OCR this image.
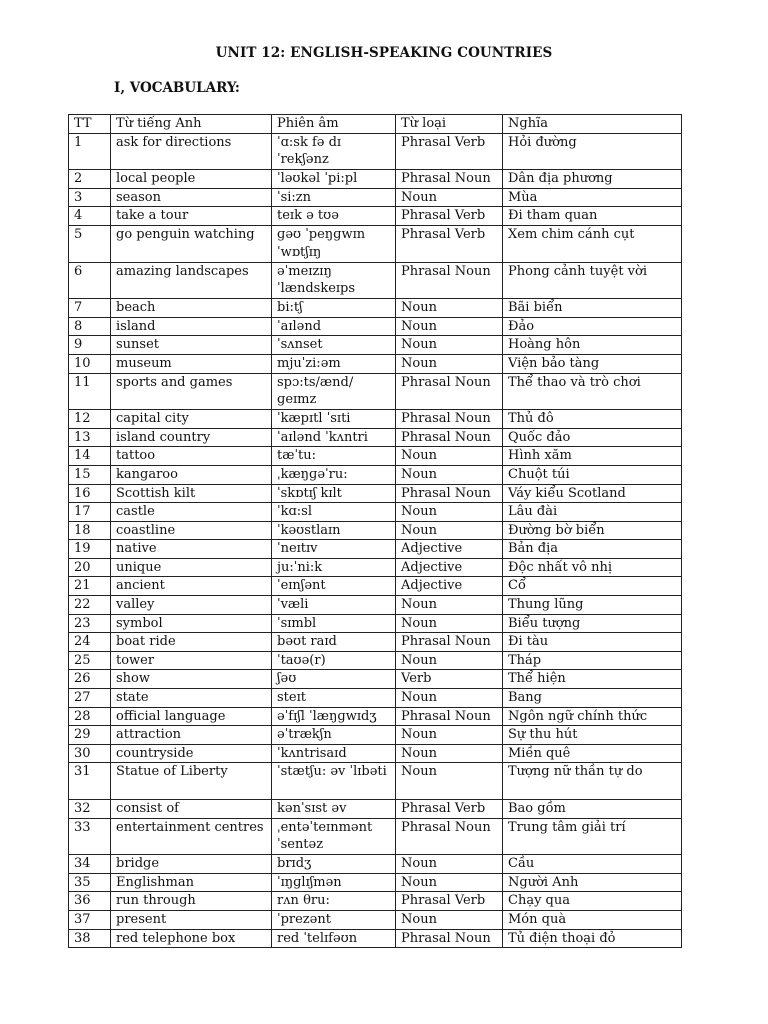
UNIT 12: ENGLISH-SPEAKING COUNTRIES
I, VOCABULARY:
TT	Từ tiếng Anh	Phiên âm	Từ loại	Nghĩa
1	ask for directions	ˈɑ:sk fə dɪ ˈrekʃənz	Phrasal Verb	Hỏi đường
2	local people	ˈləʊkəl ˈpi:pl	Phrasal Noun	Dân địa phương
3	season	ˈsi:zn	Noun	Mùa
4	take a tour	teɪk ə tʊə	Phrasal Verb	Đi tham quan
5	go penguin watching	ɡəʊ ˈpeŋɡwɪn ˈwɒtʃɪŋ	Phrasal Verb	Xem chim cánh cụt
6	amazing landscapes	əˈmeɪzɪŋ ˈlændskeɪps	Phrasal Noun	Phong cảnh tuyệt vời
7	beach	bi:tʃ	Noun	Bãi biển
8	island	ˈaɪlənd	Noun	Đảo
9	sunset	ˈsʌnset	Noun	Hoàng hôn
10	museum	mjuˈzi:əm	Noun	Viện bảo tàng
11	sports and games	spɔ:ts/ænd/ ɡeɪmz	Phrasal Noun	Thể thao và trò chơi
12	capital city	ˈkæpɪtl ˈsɪti	Phrasal Noun	Thủ đô
13	island country	ˈaɪlənd ˈkʌntri	Phrasal Noun	Quốc đảo
14	tattoo	tæˈtu:	Noun	Hình xăm
15	kangaroo	ˌkæŋɡəˈru:	Noun	Chuột túi
16	Scottish kilt	ˈskɒtɪʃ kɪlt	Phrasal Noun	Váy kiểu Scotland
17	castle	ˈkɑ:sl	Noun	Lâu đài
18	coastline	ˈkəʊstlaɪn	Noun	Đường bờ biển
19	native	ˈneɪtɪv	Adjective	Bản địa
20	unique	ju:ˈni:k	Adjective	Độc nhất vô nhị
21	ancient	ˈeɪnʃənt	Adjective	Cổ
22	valley	ˈvæli	Noun	Thung lũng
23	symbol	ˈsɪmbl	Noun	Biểu tượng
24	boat ride	bəʊt raɪd	Phrasal Noun	Đi tàu
25	tower	ˈtaʊə(r)	Noun	Tháp
26	show	ʃəʊ	Verb	Thể hiện
27	state	steɪt	Noun	Bang
28	official language	əˈfɪʃl ˈlæŋɡwɪdʒ	Phrasal Noun	Ngôn ngữ chính thức
29	attraction	əˈtrækʃn	Noun	Sự thu hút
30	countryside	ˈkʌntrisaɪd	Noun	Miền quê
31	Statue of Liberty	ˈstætʃu: əv ˈlɪbəti	Noun	Tượng nữ thần tự do
32	consist of	kənˈsɪst əv	Phrasal Verb	Bao gồm
33	entertainment centres	ˌentəˈteɪnmənt ˈsentəz	Phrasal Noun	Trung tâm giải trí
34	bridge	brɪdʒ	Noun	Cầu
35	Englishman	ˈɪŋɡlɪʃmən	Noun	Người Anh
36	run through	rʌn θru:	Phrasal Verb	Chạy qua
37	present	ˈprezənt	Noun	Món quà
38	red telephone box	red ˈtelɪfəʊn	Phrasal Noun	Tủ điện thoại đỏ
